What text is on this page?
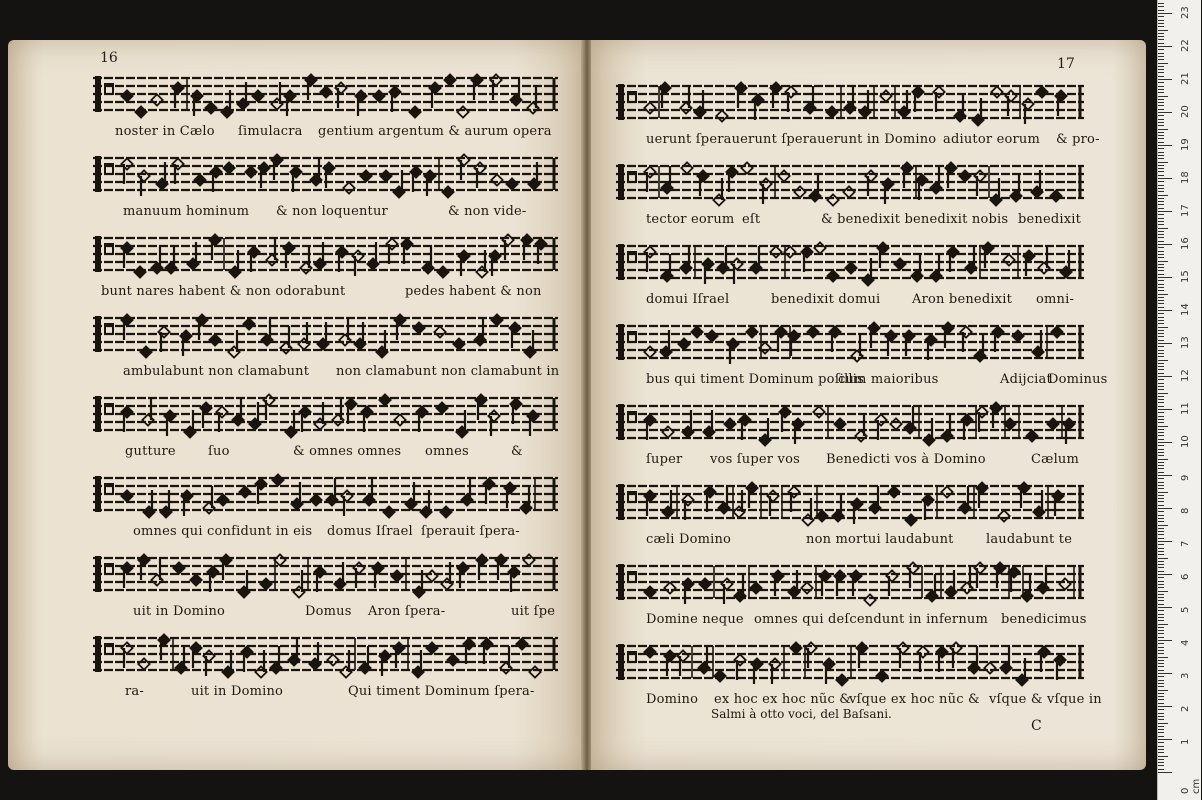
16
noster in Cælo ſimulacra gentium argentum & aurum opera
manuum hominum & non loquentur	& non vide-
bunt nares habent & non odorabunt	pedes habent & non
ambulabunt non clamabunt non clamabunt non clamabunt in
gutture ſuo	& omnes omnes omnes	&
omnes qui confidunt in eis domus Iſrael ſperauit ſpera-
uit in Domino	Domus Aron ſpera-	uit ſpe
ra-	uit in Domino	Qui timent Dominum ſpera-
17
uerunt ſperauerunt ſperauerunt in Domino adiutor eorum & pro-
tector eorum eſt	& benedixit benedixit nobis benedixit
domui Iſrael	benedixit domui Aron benedixit omni-
bus qui timent Dominum poſillis
cum maioribus	Adijciat
Dominus
ſuper vos ſuper vos Benedicti vos à Domino	Cælum
cæli Domino	non mortui laudabunt laudabunt te
Domine neque omnes qui deſcendunt in infernum benedicimus
Domino ex hoc ex hoc nũc &
vſque ex hoc nũc & vſque & vſque in
Salmi à otto voci, del Baſsani.
C
1
2
3
4
5
6
7
8
9
10
11
12
13
14
15
16
17
18
19
20
21
22
23
0 cm
